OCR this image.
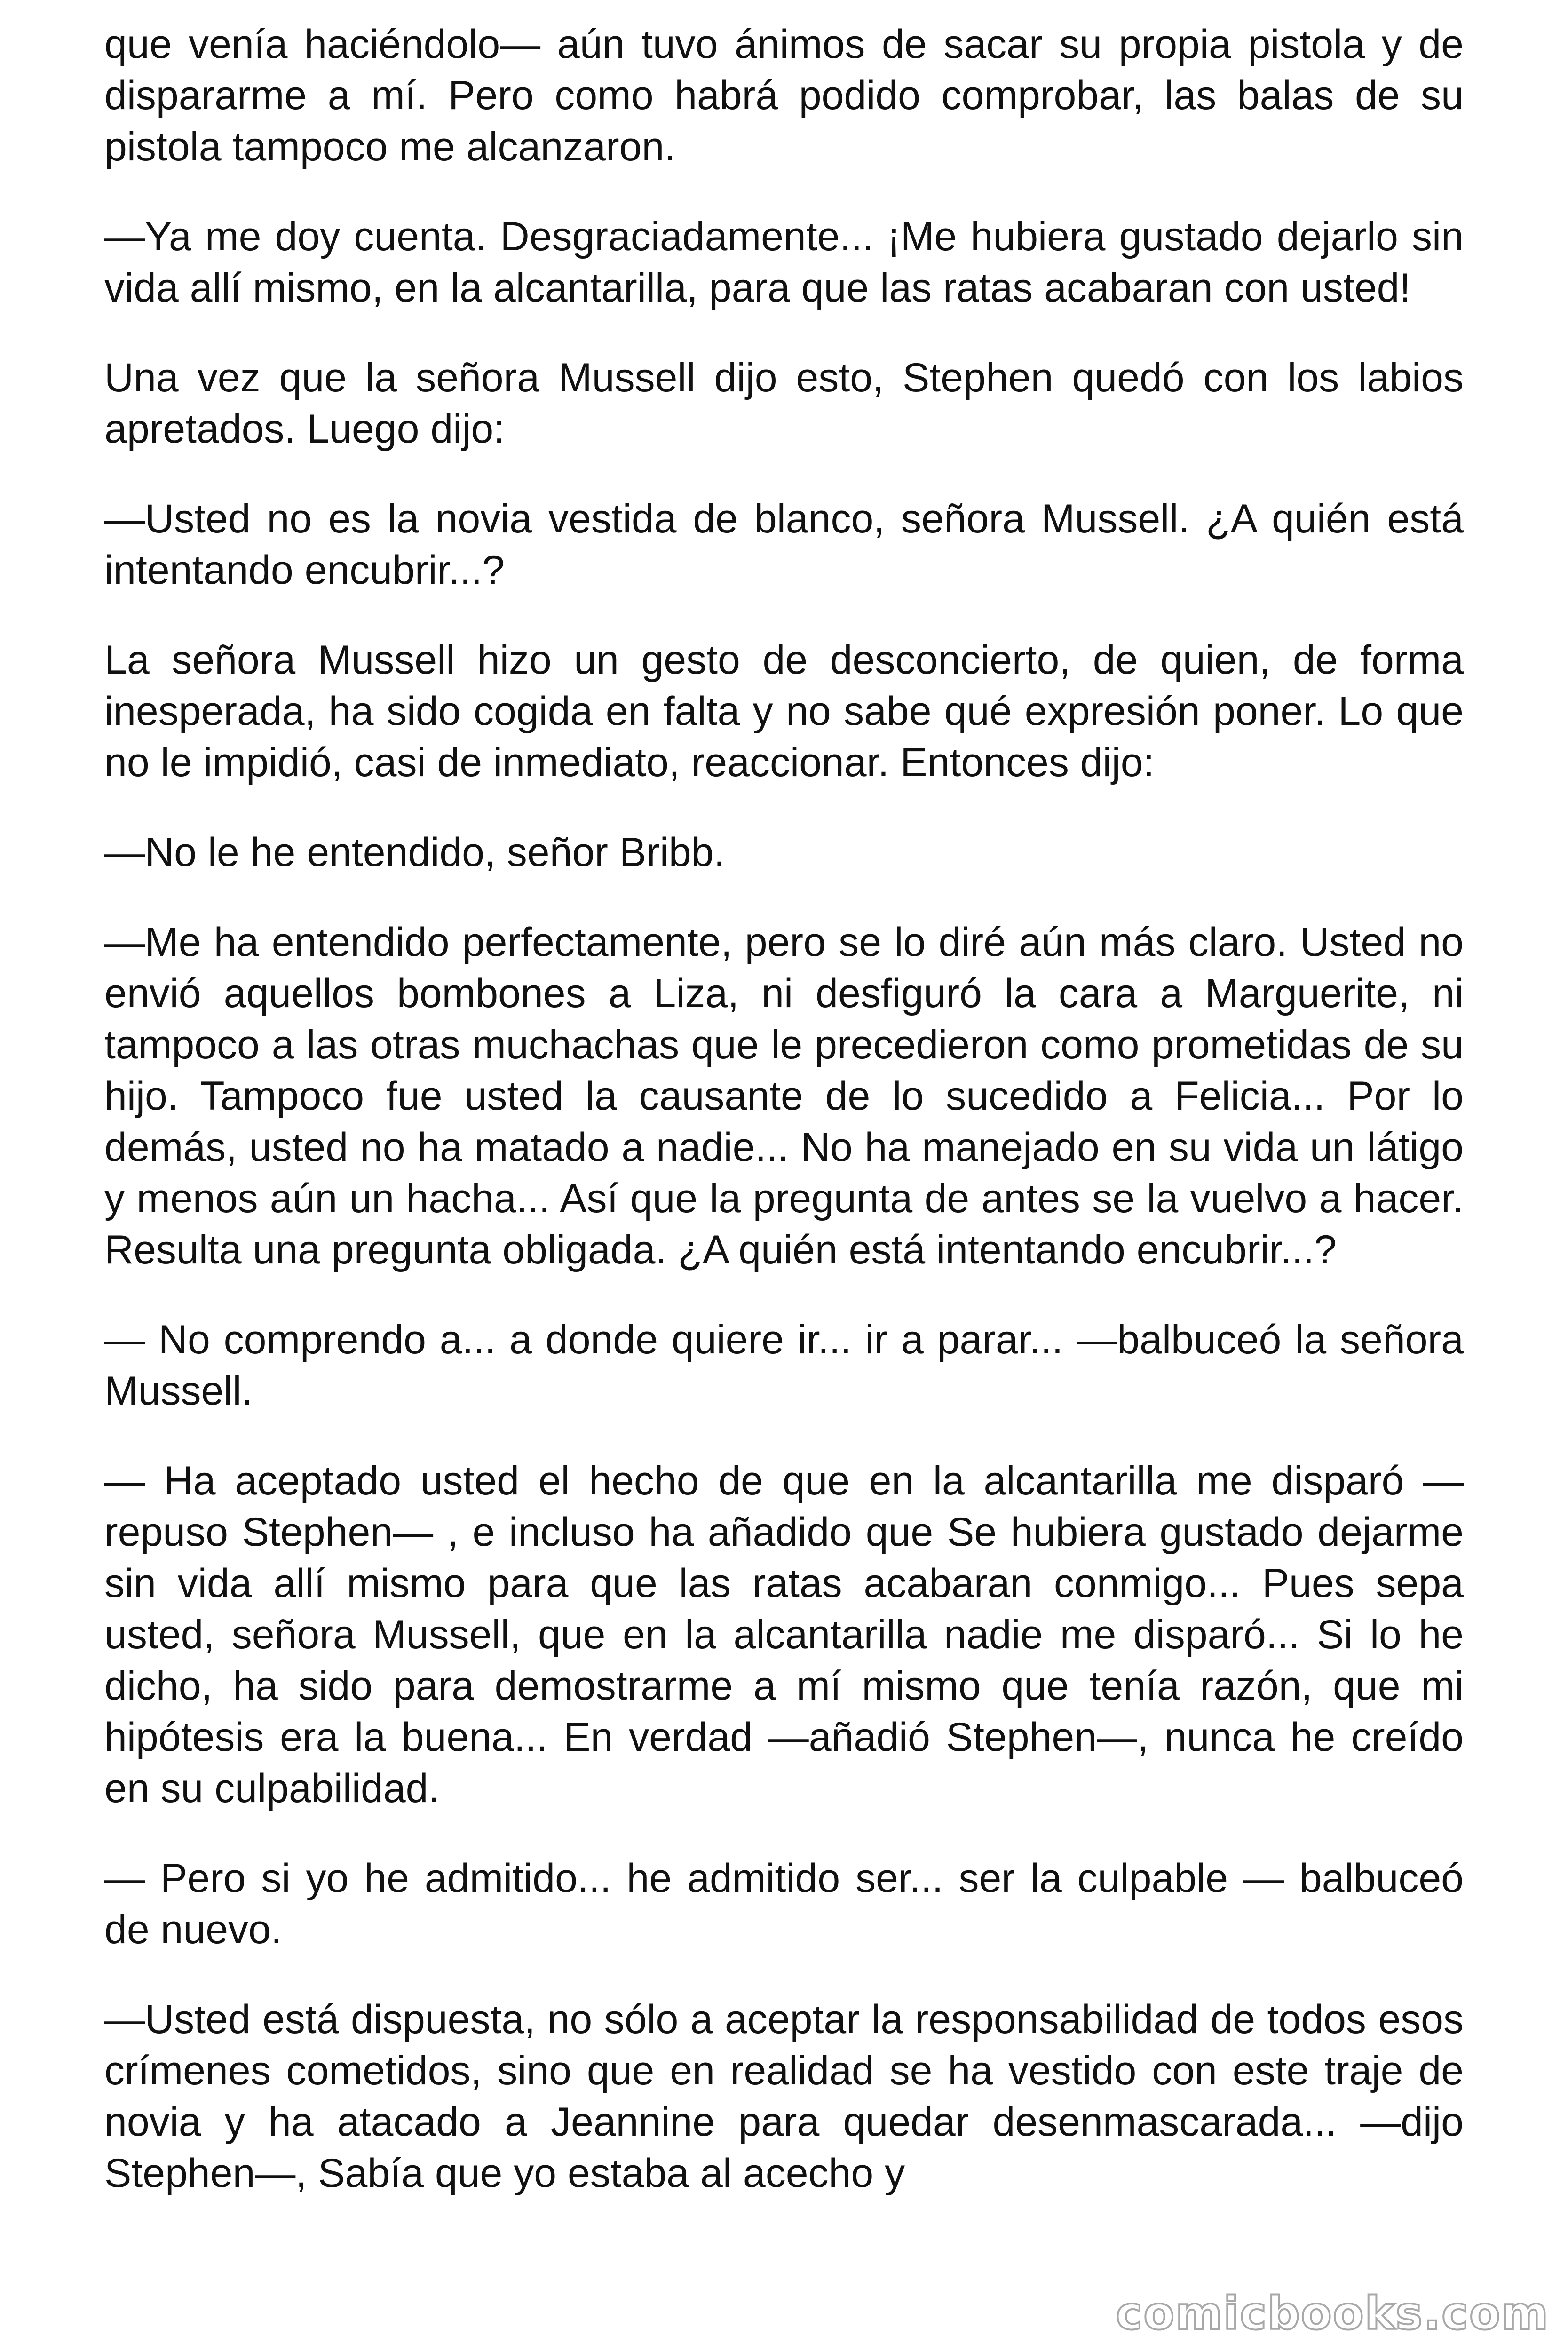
que venía haciéndolo— aún tuvo ánimos de sacar su propia pistola y de dispararme a mí. Pero como habrá podido comprobar, las balas de su pistola tampoco me alcanzaron.

—Ya me doy cuenta. Desgraciadamente... ¡Me hubiera gustado dejarlo sin vida allí mismo, en la alcantarilla, para que las ratas acabaran con usted!

Una vez que la señora Mussell dijo esto, Stephen quedó con los labios apretados. Luego dijo:

—Usted no es la novia vestida de blanco, señora Mussell. ¿A quién está intentando encubrir...?

La señora Mussell hizo un gesto de desconcierto, de quien, de forma inesperada, ha sido cogida en falta y no sabe qué expresión poner. Lo que no le impidió, casi de inmediato, reaccionar. Entonces dijo:

—No le he entendido, señor Bribb.

—Me ha entendido perfectamente, pero se lo diré aún más claro. Usted no envió aquellos bombones a Liza, ni desfiguró la cara a Marguerite, ni tampoco a las otras muchachas que le precedieron como prometidas de su hijo. Tampoco fue usted la causante de lo sucedido a Felicia... Por lo demás, usted no ha matado a nadie... No ha manejado en su vida un látigo y menos aún un hacha... Así que la pregunta de antes se la vuelvo a hacer. Resulta una pregunta obligada. ¿A quién está intentando encubrir...?

— No comprendo a... a donde quiere ir... ir a parar... —balbuceó la señora Mussell.

— Ha aceptado usted el hecho de que en la alcantarilla me disparó —repuso Stephen— , e incluso ha añadido que Se hubiera gustado dejarme sin vida allí mismo para que las ratas acabaran conmigo... Pues sepa usted, señora Mussell, que en la alcantarilla nadie me disparó... Si lo he dicho, ha sido para demostrarme a mí mismo que tenía razón, que mi hipótesis era la buena... En verdad —añadió Stephen—, nunca he creído en su culpabilidad.

— Pero si yo he admitido... he admitido ser... ser la culpable — balbuceó de nuevo.

—Usted está dispuesta, no sólo a aceptar la responsabilidad de todos esos crímenes cometidos, sino que en realidad se ha vestido con este traje de novia y ha atacado a Jeannine para quedar desenmascarada... —dijo Stephen—, Sabía que yo estaba al acecho y

comicbooks.com
